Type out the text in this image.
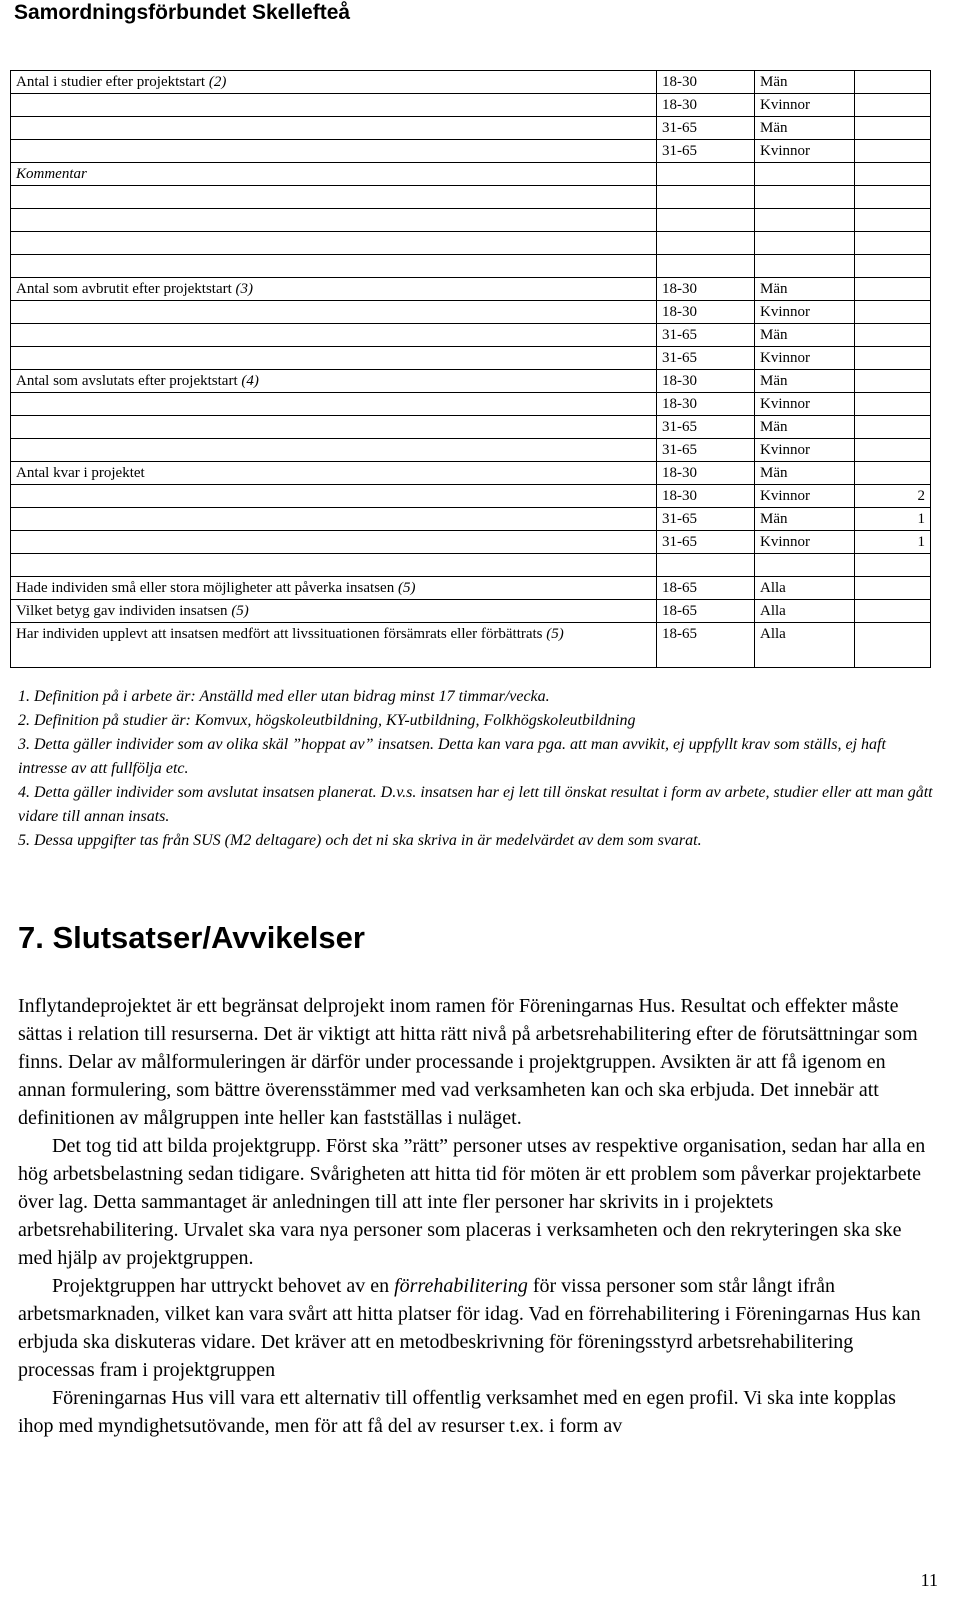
Samordningsförbundet Skellefteå
Antal i studier efter projektstart (2)	18-30	Män	
	18-30	Kvinnor	
	31-65	Män	
	31-65	Kvinnor	
Kommentar			

Antal som avbrutit efter projektstart (3)	18-30	Män	
	18-30	Kvinnor	
	31-65	Män	
	31-65	Kvinnor	
Antal som avslutats efter projektstart (4)	18-30	Män	
	18-30	Kvinnor	
	31-65	Män	
	31-65	Kvinnor	
Antal kvar i projektet	18-30	Män	
	18-30	Kvinnor	2
	31-65	Män	1
	31-65	Kvinnor	1

Hade individen små eller stora möjligheter att påverka insatsen (5)	18-65	Alla	
Vilket betyg gav individen insatsen (5)	18-65	Alla	
Har individen upplevt att insatsen medfört att livssituationen försämrats eller förbättrats (5)	18-65	Alla	

1. Definition på i arbete är: Anställd med eller utan bidrag minst 17 timmar/vecka.

2. Definition på studier är: Komvux, högskoleutbildning, KY-utbildning, Folkhögskoleutbildning

3. Detta gäller individer som av olika skäl ”hoppat av” insatsen. Detta kan vara pga. att man avvikit, ej uppfyllt krav som ställs, ej haft intresse av att fullfölja etc.

4. Detta gäller individer som avslutat insatsen planerat. D.v.s. insatsen har ej lett till önskat resultat i form av arbete, studier eller att man gått vidare till annan insats.

5. Dessa uppgifter tas från SUS (M2 deltagare) och det ni ska skriva in är medelvärdet av dem som svarat.

7. Slutsatser/Avvikelser

Inflytandeprojektet är ett begränsat delprojekt inom ramen för Föreningarnas Hus. Resultat och effekter måste sättas i relation till resurserna. Det är viktigt att hitta rätt nivå på arbetsrehabilitering efter de förutsättningar som finns. Delar av målformuleringen är därför under processande i projektgruppen. Avsikten är att få igenom en annan formulering, som bättre överensstämmer med vad verksamheten kan och ska erbjuda. Det innebär att definitionen av målgruppen inte heller kan fastställas i nuläget.

Det tog tid att bilda projektgrupp. Först ska ”rätt” personer utses av respektive organisation, sedan har alla en hög arbetsbelastning sedan tidigare. Svårigheten att hitta tid för möten är ett problem som påverkar projektarbete över lag. Detta sammantaget är anledningen till att inte fler personer har skrivits in i projektets arbetsrehabilitering. Urvalet ska vara nya personer som placeras i verksamheten och den rekryteringen ska ske med hjälp av projektgruppen.

Projektgruppen har uttryckt behovet av en förrehabilitering för vissa personer som står långt ifrån arbetsmarknaden, vilket kan vara svårt att hitta platser för idag. Vad en förrehabilitering i Föreningarnas Hus kan erbjuda ska diskuteras vidare. Det kräver att en metodbeskrivning för föreningsstyrd arbetsrehabilitering processas fram i projektgruppen

Föreningarnas Hus vill vara ett alternativ till offentlig verksamhet med en egen profil. Vi ska inte kopplas ihop med myndighetsutövande, men för att få del av resurser t.ex. i form av

11
